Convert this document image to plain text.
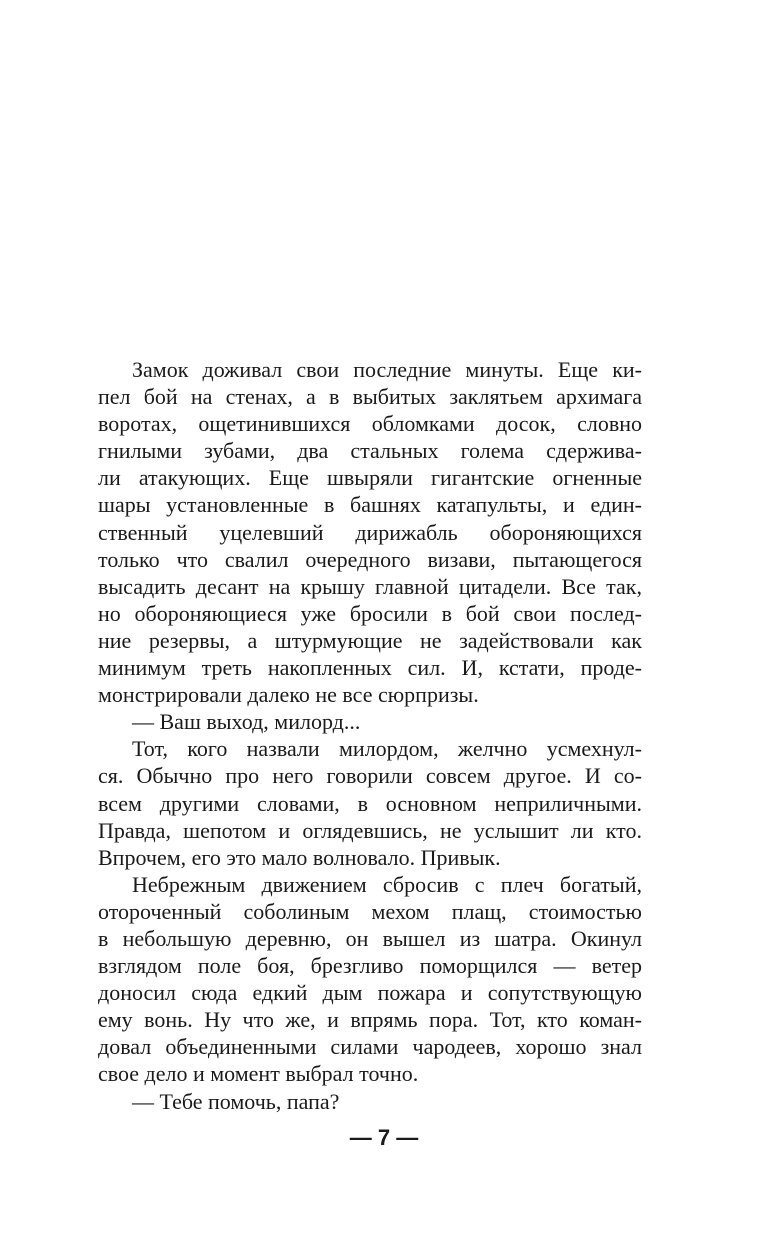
Замок доживал свои последние минуты. Еще ки-
пел бой на стенах, а в выбитых заклятьем архимага
воротах, ощетинившихся обломками досок, словно
гнилыми зубами, два стальных голема сдержива-
ли атакующих. Еще швыряли гигантские огненные
шары установленные в башнях катапульты, и един-
ственный уцелевший дирижабль обороняющихся
только что свалил очередного визави, пытающегося
высадить десант на крышу главной цитадели. Все так,
но обороняющиеся уже бросили в бой свои послед-
ние резервы, а штурмующие не задействовали как
минимум треть накопленных сил. И, кстати, проде-
монстрировали далеко не все сюрпризы.
— Ваш выход, милорд...
Тот, кого назвали милордом, желчно усмехнул-
ся. Обычно про него говорили совсем другое. И со-
всем другими словами, в основном неприличными.
Правда, шепотом и оглядевшись, не услышит ли кто.
Впрочем, его это мало волновало. Привык.
Небрежным движением сбросив с плеч богатый,
отороченный соболиным мехом плащ, стоимостью
в небольшую деревню, он вышел из шатра. Окинул
взглядом поле боя, брезгливо поморщился — ветер
доносил сюда едкий дым пожара и сопутствующую
ему вонь. Ну что же, и впрямь пора. Тот, кто коман-
довал объединенными силами чародеев, хорошо знал
свое дело и момент выбрал точно.
— Тебе помочь, папа?
— 7 —
